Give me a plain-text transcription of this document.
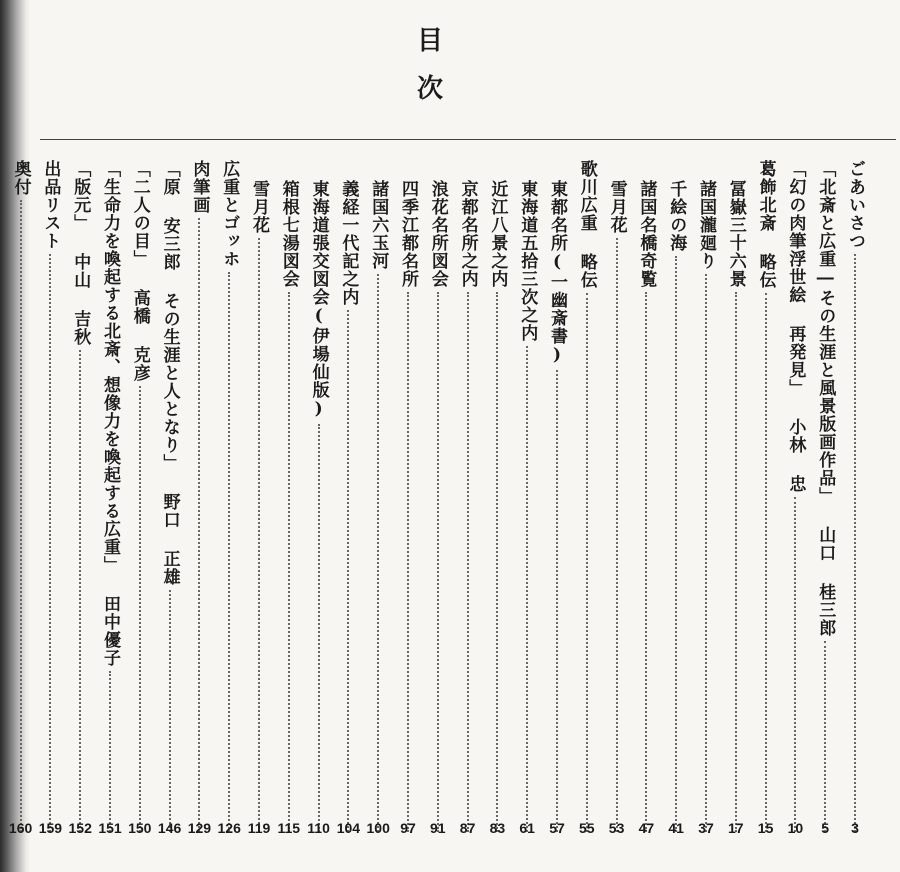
目
次
ごあいさつ
3
「北斎と広重―その生涯と風景版画作品」 山口 桂三郎
5
「幻の肉筆浮世絵 再発見」 小林 忠
10
葛飾北斎 略伝
15
冨嶽三十六景
17
諸国瀧廻り
37
千絵の海
41
諸国名橋奇覧
47
雪月花
53
歌川広重 略伝
55
東都名所
(一幽斎書)
57
東海道五拾三次之内
61
近江八景之内
83
京都名所之内
87
浪花名所図会
91
四季江都名所
97
諸国六玉河
100
義経一代記之内
104
東海道張交図会
(伊場仙版)
110
箱根七湯図会
115
雪月花
119
広重とゴッホ
126
肉筆画
129
「原 安三郎 その生涯と人となり」 野口 正雄
146
「二人の目」 高橋 克彦
150
「生命力を喚起する北斎、想像力を喚起する広重」 田中優子
151
「版元」 中山 吉秋
152
出品リスト
159
奥付
160
